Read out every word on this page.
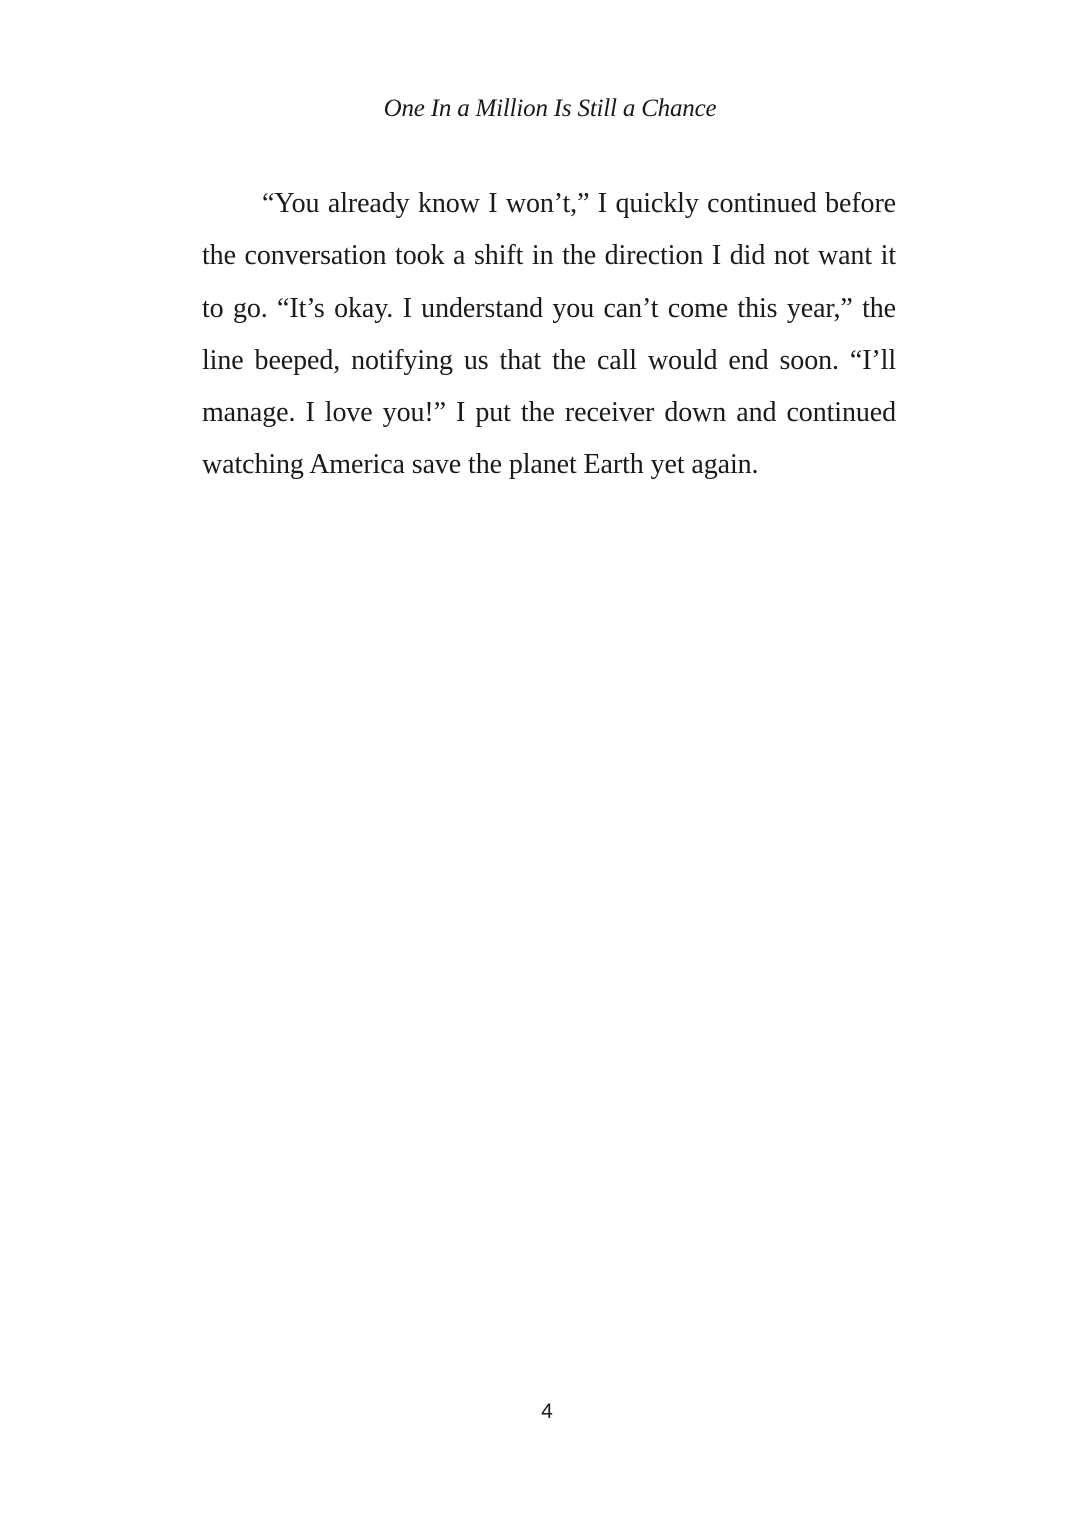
One In a Million Is Still a Chance

“You already know I won’t,” I quickly continued before the conversation took a shift in the direction I did not want it to go. “It’s okay. I understand you can’t come this year,” the line beeped, notifying us that the call would end soon. “I’ll manage. I love you!” I put the receiver down and continued watching America save the planet Earth yet again.

4
